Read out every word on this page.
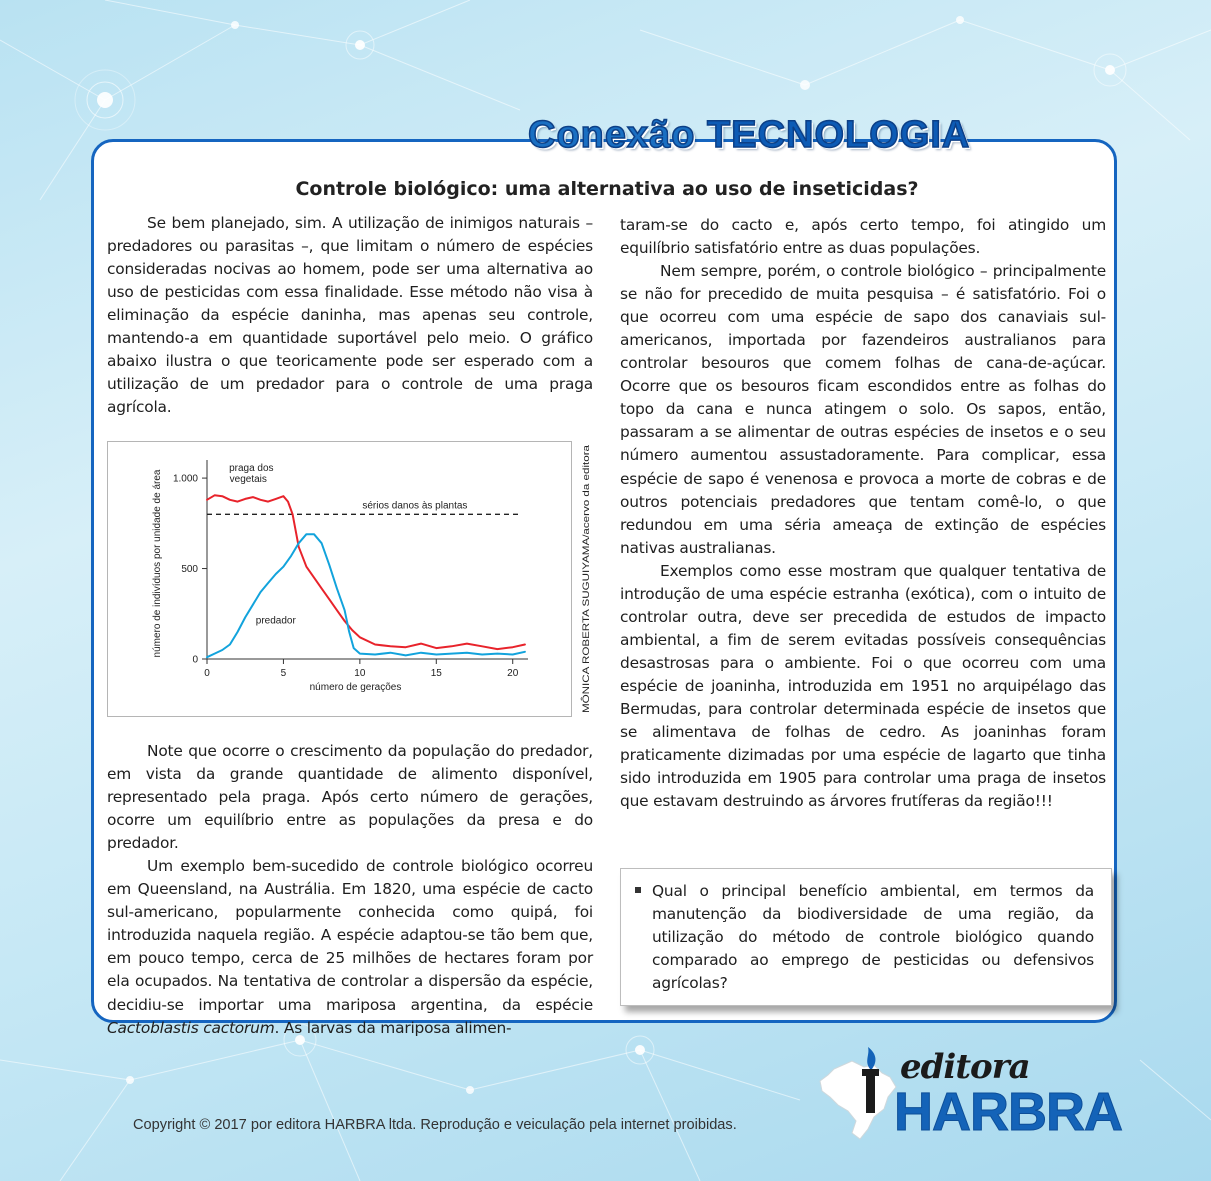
Conexão TECNOLOGIA
Controle biológico: uma alternativa ao uso de inseticidas?

Se bem planejado, sim. A utilização de inimigos naturais – predadores ou parasitas –, que limitam o número de espécies consideradas nocivas ao homem, pode ser uma alternativa ao uso de pesticidas com essa finalidade. Esse método não visa à eliminação da espécie daninha, mas apenas seu controle, mantendo-a em quantidade suportável pelo meio. O gráfico abaixo ilustra o que teoricamente pode ser esperado com a utilização de um predador para o controle de uma praga agrícola.

0
500
1.000
0	5	10	15	20
número de gerações
número de indivíduos por unidade de área	sérios danos às plantas
praga dos
vegetais
predador	MÔNICA ROBERTA SUGUIYAMA/acervo da editora

Note que ocorre o crescimento da população do predador, em vista da grande quantidade de alimento disponível, representado pela praga. Após certo número de gerações, ocorre um equilíbrio entre as populações da presa e do predador.

Um exemplo bem-sucedido de controle biológico ocorreu em Queensland, na Austrália. Em 1820, uma espécie de cacto sul-americano, popularmente conhecida como quipá, foi introduzida naquela região. A espécie adaptou-se tão bem que, em pouco tempo, cerca de 25 milhões de hectares foram por ela ocupados. Na tentativa de controlar a dispersão da espécie, decidiu-se importar uma mariposa argentina, da espécie Cactoblastis cactorum. As larvas da mariposa alimen-

taram-se do cacto e, após certo tempo, foi atingido um equilíbrio satisfatório entre as duas populações.

Nem sempre, porém, o controle biológico – principalmente se não for precedido de muita pesquisa – é satisfatório. Foi o que ocorreu com uma espécie de sapo dos canaviais sul-americanos, importada por fazendeiros australianos para controlar besouros que comem folhas de cana-de-açúcar. Ocorre que os besouros ficam escondidos entre as folhas do topo da cana e nunca atingem o solo. Os sapos, então, passaram a se alimentar de outras espécies de insetos e o seu número aumentou assustadoramente. Para complicar, essa espécie de sapo é venenosa e provoca a morte de cobras e de outros potenciais predadores que tentam comê-lo, o que redundou em uma séria ameaça de extinção de espécies nativas australianas.

Exemplos como esse mostram que qualquer tentativa de introdução de uma espécie estranha (exótica), com o intuito de controlar outra, deve ser precedida de estudos de impacto ambiental, a fim de serem evitadas possíveis consequências desastrosas para o ambiente. Foi o que ocorreu com uma espécie de joaninha, introduzida em 1951 no arquipélago das Bermudas, para controlar determinada espécie de insetos que se alimentava de folhas de cedro. As joaninhas foram praticamente dizimadas por uma espécie de lagarto que tinha sido introduzida em 1905 para controlar uma praga de insetos que estavam destruindo as árvores frutíferas da região!!!

Qual o principal benefício ambiental, em termos da manutenção da biodiversidade de uma região, da utilização do método de controle biológico quando comparado ao emprego de pesticidas ou defensivos agrícolas?
Copyright © 2017 por editora HARBRA ltda. Reprodução e veiculação pela internet proibidas.
editora
HARBRA
